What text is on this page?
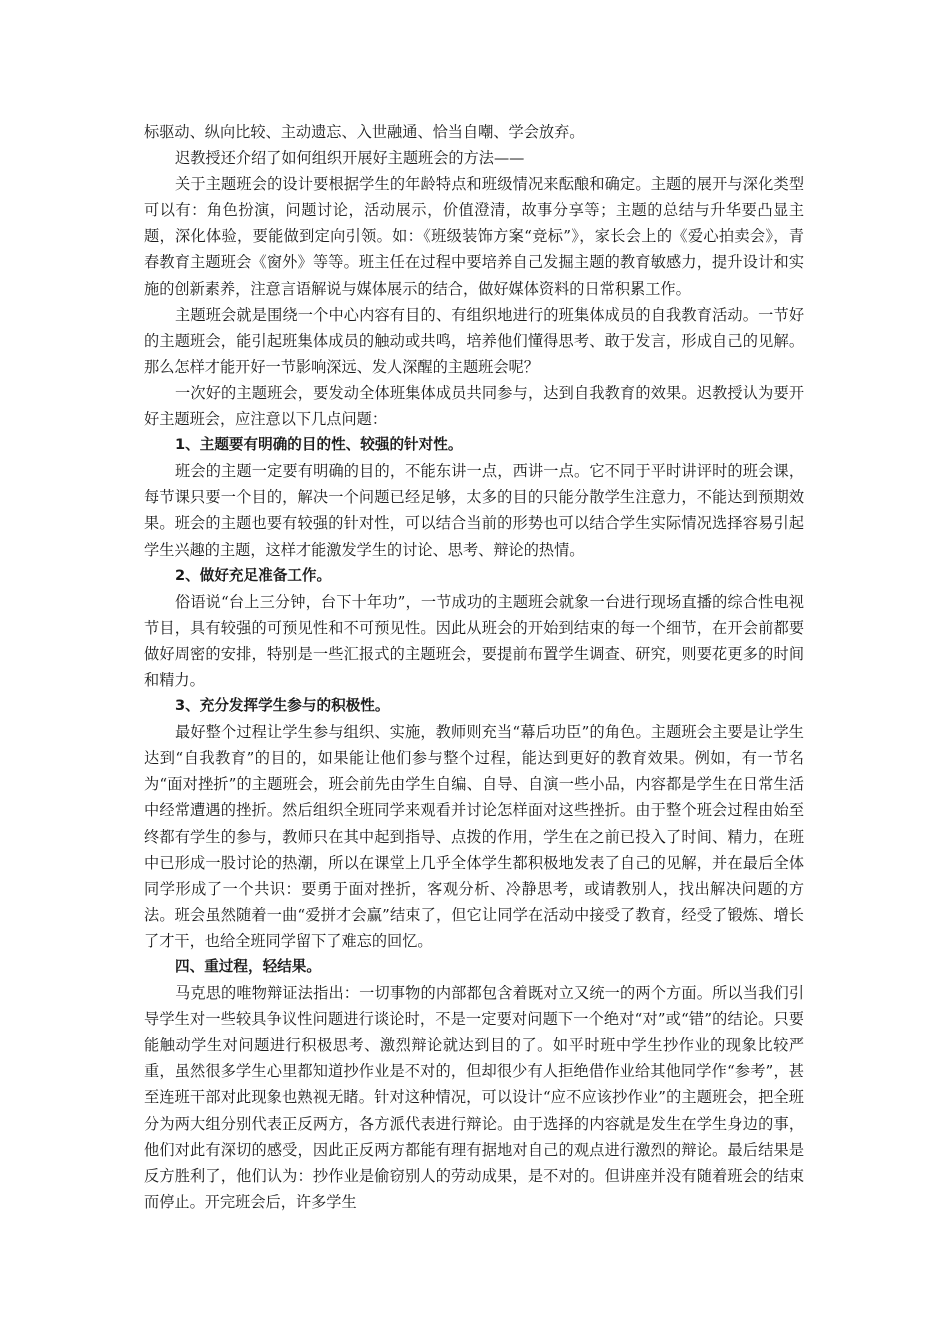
标驱动、纵向比较、主动遗忘、入世融通、恰当自嘲、学会放弃。

迟教授还介绍了如何组织开展好主题班会的方法——

关于主题班会的设计要根据学生的年龄特点和班级情况来酝酿和确定。主题的展开与深化类型可以有：角色扮演，问题讨论，活动展示，价值澄清，故事分享等；主题的总结与升华要凸显主题，深化体验，要能做到定向引领。如：《班级装饰方案“竞标”》，家长会上的《爱心拍卖会》，青春教育主题班会《窗外》等等。班主任在过程中要培养自己发掘主题的教育敏感力，提升设计和实施的创新素养，注意言语解说与媒体展示的结合，做好媒体资料的日常积累工作。

主题班会就是围绕一个中心内容有目的、有组织地进行的班集体成员的自我教育活动。一节好的主题班会，能引起班集体成员的触动或共鸣，培养他们懂得思考、敢于发言，形成自己的见解。那么怎样才能开好一节影响深远、发人深醒的主题班会呢？

一次好的主题班会，要发动全体班集体成员共同参与，达到自我教育的效果。迟教授认为要开好主题班会，应注意以下几点问题：

1、主题要有明确的目的性、较强的针对性。

班会的主题一定要有明确的目的，不能东讲一点，西讲一点。它不同于平时讲评时的班会课，每节课只要一个目的，解决一个问题已经足够，太多的目的只能分散学生注意力，不能达到预期效果。班会的主题也要有较强的针对性，可以结合当前的形势也可以结合学生实际情况选择容易引起学生兴趣的主题，这样才能激发学生的讨论、思考、辩论的热情。

2、做好充足准备工作。

俗语说“台上三分钟，台下十年功”，一节成功的主题班会就象一台进行现场直播的综合性电视节目，具有较强的可预见性和不可预见性。因此从班会的开始到结束的每一个细节，在开会前都要做好周密的安排，特别是一些汇报式的主题班会，要提前布置学生调查、研究，则要花更多的时间和精力。

3、充分发挥学生参与的积极性。

最好整个过程让学生参与组织、实施，教师则充当“幕后功臣”的角色。主题班会主要是让学生达到“自我教育”的目的，如果能让他们参与整个过程，能达到更好的教育效果。例如，有一节名为“面对挫折”的主题班会，班会前先由学生自编、自导、自演一些小品，内容都是学生在日常生活中经常遭遇的挫折。然后组织全班同学来观看并讨论怎样面对这些挫折。由于整个班会过程由始至终都有学生的参与，教师只在其中起到指导、点拨的作用，学生在之前已投入了时间、精力，在班中已形成一股讨论的热潮，所以在课堂上几乎全体学生都积极地发表了自己的见解，并在最后全体同学形成了一个共识：要勇于面对挫折，客观分析、冷静思考，或请教别人，找出解决问题的方法。班会虽然随着一曲“爱拼才会赢”结束了，但它让同学在活动中接受了教育，经受了锻炼、增长了才干，也给全班同学留下了难忘的回忆。

四、重过程，轻结果。

马克思的唯物辩证法指出：一切事物的内部都包含着既对立又统一的两个方面。所以当我们引导学生对一些较具争议性问题进行谈论时，不是一定要对问题下一个绝对“对”或“错”的结论。只要能触动学生对问题进行积极思考、激烈辩论就达到目的了。如平时班中学生抄作业的现象比较严重，虽然很多学生心里都知道抄作业是不对的，但却很少有人拒绝借作业给其他同学作“参考”，甚至连班干部对此现象也熟视无睹。针对这种情况，可以设计“应不应该抄作业”的主题班会，把全班分为两大组分别代表正反两方，各方派代表进行辩论。由于选择的内容就是发生在学生身边的事，他们对此有深切的感受，因此正反两方都能有理有据地对自己的观点进行激烈的辩论。最后结果是反方胜利了，他们认为：抄作业是偷窃别人的劳动成果，是不对的。但讲座并没有随着班会的结束而停止。开完班会后，许多学生
